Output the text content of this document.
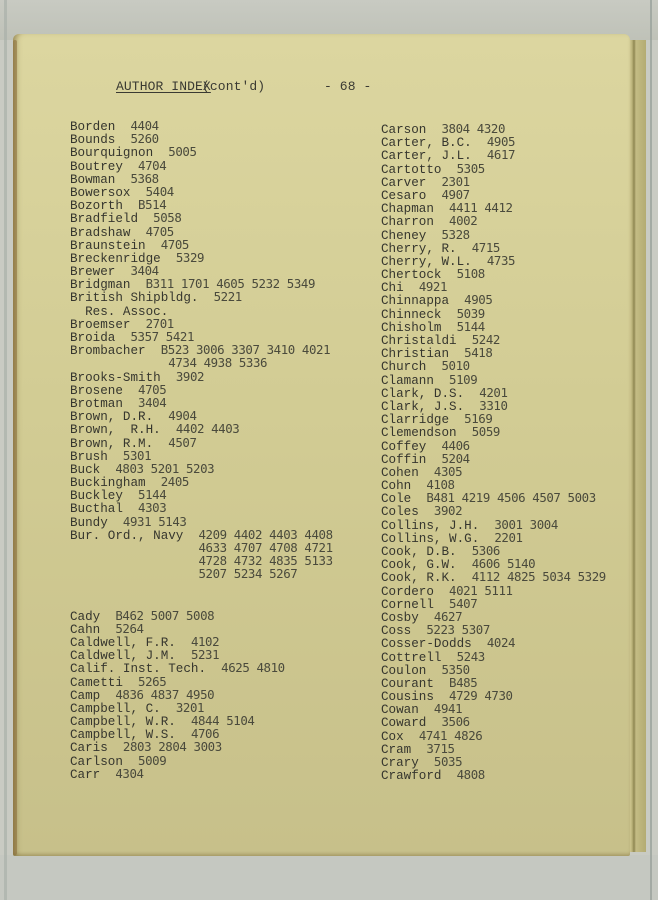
AUTHOR INDEX
(cont'd)	- 68 -
Borden 4404
Bounds 5260
Bourquignon 5005
Boutrey 4704
Bowman 5368
Bowersox 5404
Bozorth B514
Bradfield 5058
Bradshaw 4705
Braunstein 4705
Breckenridge 5329
Brewer 3404
Bridgman B311 1701 4605 5232 5349
British Shipbldg. 5221
Res. Assoc.
Broemser 2701
Broida 5357 5421
Brombacher B523 3006 3307 3410 4021
4734 4938 5336
Brooks-Smith 3902
Brosene 4705
Brotman 3404
Brown, D.R. 4904
Brown,  R.H. 4402 4403
Brown, R.M. 4507
Brush 5301
Buck 4803 5201 5203
Buckingham 2405
Buckley 5144
Bucthal 4303
Bundy 4931 5143
Bur. Ord., Navy 4209 4402 4403 4408
4633 4707 4708 4721
4728 4732 4835 5133
5207 5234 5267
Cady B462 5007 5008
Cahn 5264
Caldwell, F.R. 4102
Caldwell, J.M. 5231
Calif. Inst. Tech. 4625 4810
Cametti 5265
Camp 4836 4837 4950
Campbell, C. 3201
Campbell, W.R. 4844 5104
Campbell, W.S. 4706
Caris 2803 2804 3003
Carlson 5009
Carr 4304
Carson 3804 4320
Carter, B.C. 4905
Carter, J.L. 4617
Cartotto 5305
Carver 2301
Cesaro 4907
Chapman 4411 4412
Charron 4002
Cheney 5328
Cherry, R. 4715
Cherry, W.L. 4735
Chertock 5108
Chi 4921
Chinnappa 4905
Chinneck 5039
Chisholm 5144
Christaldi 5242
Christian 5418
Church 5010
Clamann 5109
Clark, D.S. 4201
Clark, J.S. 3310
Clarridge 5169
Clemendson 5059
Coffey 4406
Coffin 5204
Cohen 4305
Cohn 4108
Cole B481 4219 4506 4507 5003
Coles 3902
Collins, J.H. 3001 3004
Collins, W.G. 2201
Cook, D.B. 5306
Cook, G.W. 4606 5140
Cook, R.K. 4112 4825 5034 5329
Cordero 4021 5111
Cornell 5407
Cosby 4627
Coss 5223 5307
Cosser-Dodds 4024
Cottrell 5243
Coulon 5350
Courant B485
Cousins 4729 4730
Cowan 4941
Coward 3506
Cox 4741 4826
Cram 3715
Crary 5035
Crawford 4808
